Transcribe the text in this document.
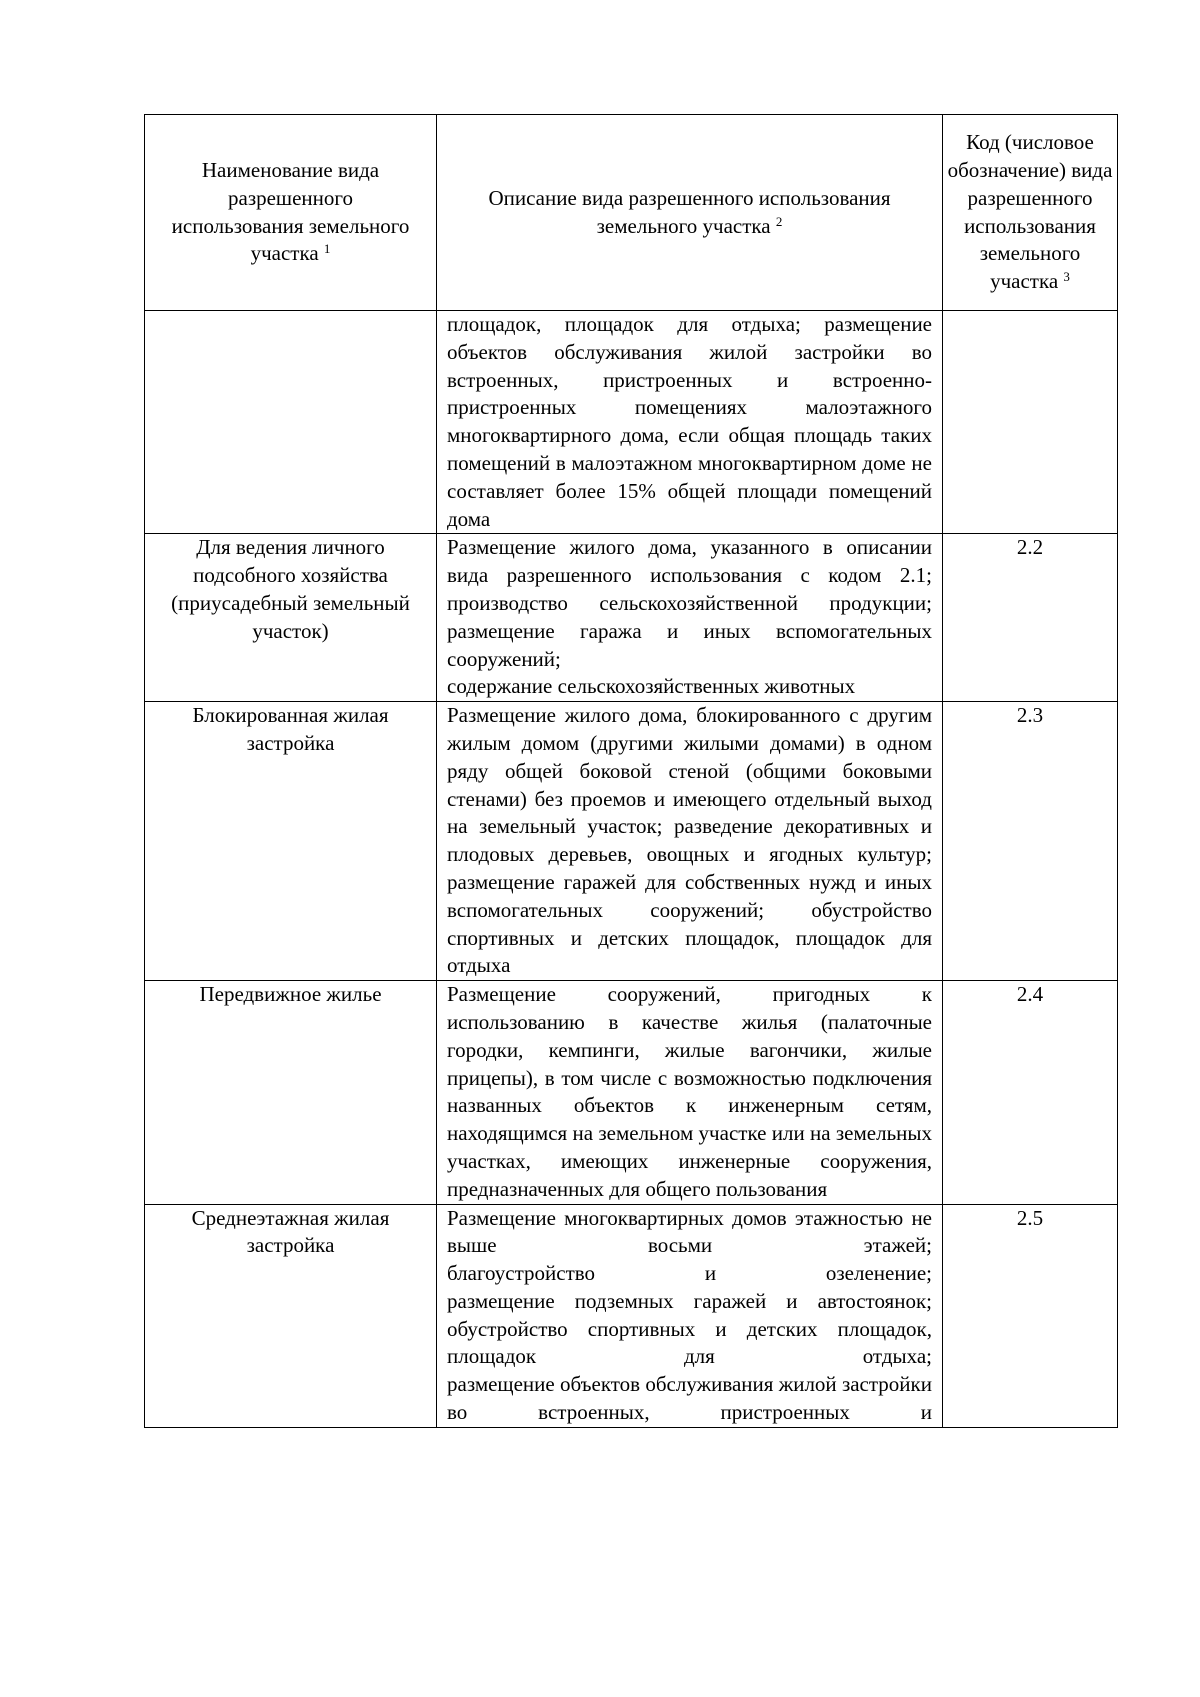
Наименование вида разрешенного использования земельного участка $^1$	Описание вида разрешенного использования земельного участка $^2$	Код (числовое обозначение) вида разрешенного использования земельного участка $^3$

	площадок, площадок для отдыха; размещение объектов обслуживания жилой застройки во встроенных, пристроенных и встроенно-пристроенных помещениях малоэтажного многоквартирного дома, если общая площадь таких помещений в малоэтажном многоквартирном доме не составляет более 15% общей площади помещений дома	

Для ведения личного подсобного хозяйства (приусадебный земельный участок)	Размещение жилого дома, указанного в описании вида разрешенного использования с кодом 2.1;
производство сельскохозяйственной продукции;
размещение гаража и иных вспомогательных сооружений;
содержание сельскохозяйственных животных	2.2
Блокированная жилая застройка	Размещение жилого дома, блокированного с другим жилым домом (другими жилыми домами) в одном ряду общей боковой стеной (общими боковыми стенами) без проемов и имеющего отдельный выход на земельный участок; разведение декоративных и плодовых деревьев, овощных и ягодных культур; размещение гаражей для собственных нужд и иных вспомогательных сооружений; обустройство спортивных и детских площадок, площадок для отдыха	2.3
Передвижное жилье	Размещение сооружений, пригодных к использованию в качестве жилья (палаточные городки, кемпинги, жилые вагончики, жилые прицепы), в том числе с возможностью подключения названных объектов к инженерным сетям, находящимся на земельном участке или на земельных участках, имеющих инженерные сооружения, предназначенных для общего пользования	2.4
Среднеэтажная жилая застройка	Размещение многоквартирных домов этажностью не выше восьми этажей;
благоустройство и озеленение;
размещение подземных гаражей и автостоянок;
обустройство спортивных и детских площадок, площадок для отдыха;
размещение объектов обслуживания жилой застройки во встроенных, пристроенных и	2.5
